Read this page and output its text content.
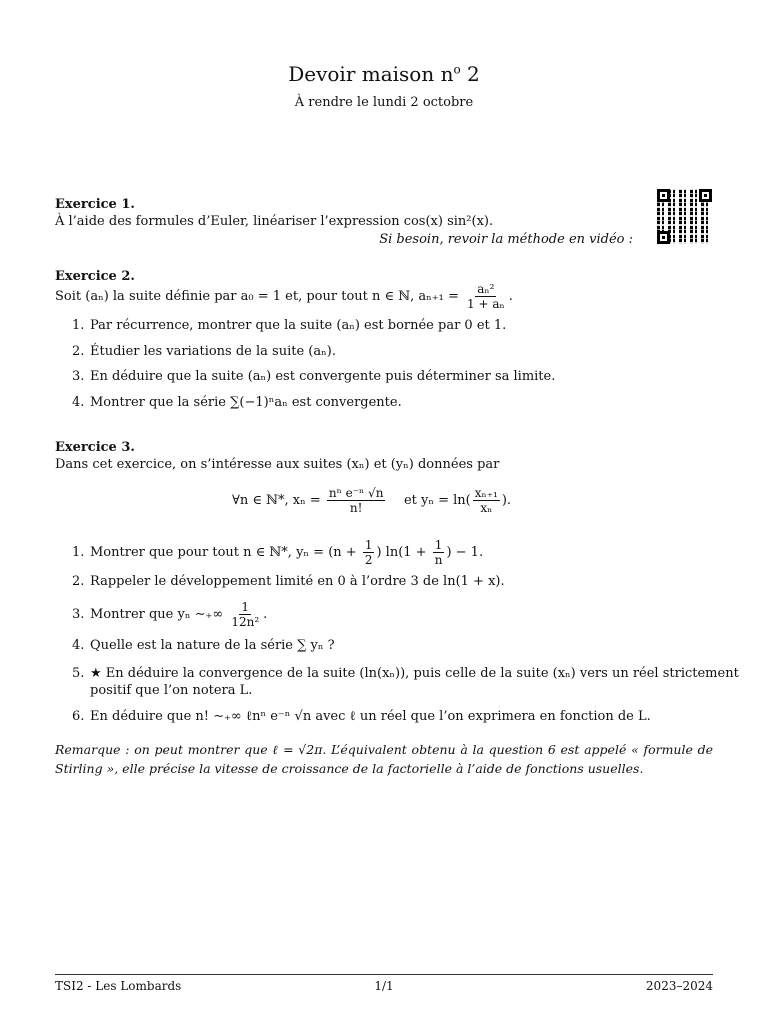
Devoir maison $n^o$ 2
À rendre le lundi 2 octobre
Exercice 1.
À l’aide des formules d’Euler, linéariser l’expression cos(x) sin²(x).
Si besoin, revoir la méthode en vidéo :
Exercice 2.
Soit (aₙ) la suite définie par a₀ = 1 et, pour tout n ∈ ℕ, $a_{n+1} = \frac{\text{aₙ²}}{\text{1 + aₙ}}$ .
1. Par récurrence, montrer que la suite (aₙ) est bornée par 0 et 1.
2. Étudier les variations de la suite (aₙ).
3. En déduire que la suite (aₙ) est convergente puis déterminer sa limite.
4. Montrer que la série ∑(−1)ⁿaₙ est convergente.
Exercice 3.
Dans cet exercice, on s’intéresse aux suites (xₙ) et (yₙ) données par
∀n ∈ ℕ*, $x_n = \frac{\text{nⁿ e⁻ⁿ √n}}{n!}$ et $y_n = \ln( \frac{\text{xₙ₊₁}}{\text{xₙ}}$ ).
1. Montrer que pour tout n ∈ ℕ*, $y_n = (n + \frac{1}{2}$ ) $\ln(1 + \frac{1}{n}$ ) − 1.
2. Rappeler le développement limité en 0 à l’ordre 3 de ln(1 + x).
3. Montrer que yₙ ∼₊∞ $\frac{1}{\text{12n²}}$ .
4. Quelle est la nature de la série ∑ yₙ ?
5. ★ En déduire la convergence de la suite (ln(xₙ)), puis celle de la suite (xₙ) vers un réel strictement
positif que l’on notera L.
6. En déduire que n! ∼₊∞ ℓnⁿ e⁻ⁿ √n avec ℓ un réel que l’on exprimera en fonction de L.
Remarque : on peut montrer que ℓ = √2π. L’équivalent obtenu à la question 6 est appelé « formule de Stirling », elle précise la vitesse de croissance de la factorielle à l’aide de fonctions usuelles.
TSI2 - Les Lombards	1/1	2023–2024
